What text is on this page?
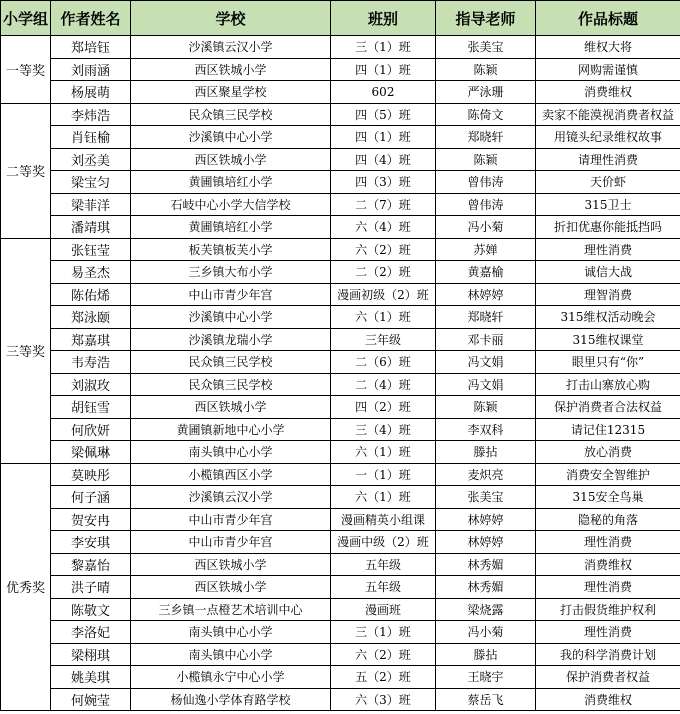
小学组	作者姓名	学校	班别	指导老师	作品标题
一等奖	郑培钰	沙溪镇云汉小学	三（1）班	张美宝	维权大将
	刘雨涵	西区铁城小学	四（1）班	陈颖	网购需谨慎
	杨展萌	西区聚星学校	602	严泳珊	消费维权
二等奖	李炜浩	民众镇三民学校	四（5）班	陈倚文	卖家不能漠视消费者权益
	肖钰榆	沙溪镇中心小学	四（1）班	郑晓轩	用镜头纪录维权故事
	刘丞美	西区铁城小学	四（4）班	陈颖	请理性消费
	梁宝匀	黄圃镇培红小学	四（3）班	曾伟涛	天价虾
	梁菲洋	石岐中心小学大信学校	二（7）班	曾伟涛	315卫士
	潘靖琪	黄圃镇培红小学	六（4）班	冯小菊	折扣优惠你能抵挡吗
三等奖	张钰莹	板芙镇板芙小学	六（2）班	苏婵	理性消费
	易圣杰	三乡镇大布小学	二（2）班	黄嘉榆	诚信大战
	陈佑烯	中山市青少年宫	漫画初级（2）班	林婷婷	理智消费
	郑泳颐	沙溪镇中心小学	六（1）班	郑晓轩	315维权活动晚会
	郑嘉琪	沙溪镇龙瑞小学	三年级	邓卡丽	315维权课堂
	韦寿浩	民众镇三民学校	二（6）班	冯文娟	眼里只有“你”
	刘淑玫	民众镇三民学校	二（4）班	冯文娟	打击山寨放心购
	胡钰雪	西区铁城小学	四（2）班	陈颖	保护消费者合法权益
	何欣妍	黄圃镇新地中心小学	三（4）班	李双科	请记住12315
	梁佩琳	南头镇中心小学	六（1）班	滕拈	放心消费
优秀奖	莫映彤	小榄镇西区小学	一（1）班	麦炽亮	消费安全智维护
	何子涵	沙溪镇云汉小学	六（1）班	张美宝	315安全鸟巢
	贺安冉	中山市青少年宫	漫画精英小组课	林婷婷	隐秘的角落
	李安琪	中山市青少年宫	漫画中级（2）班	林婷婷	理性消费
	黎嘉怡	西区铁城小学	五年级	林秀媚	消费维权
	洪子晴	西区铁城小学	五年级	林秀媚	理性消费
	陈敬文	三乡镇一点橙艺术培训中心	漫画班	梁烧露	打击假货维护权利
	李洛妃	南头镇中心小学	三（1）班	冯小菊	理性消费
	梁栩琪	南头镇中心小学	六（2）班	滕拈	我的科学消费计划
	姚美琪	小榄镇永宁中心小学	五（2）班	王晓宇	保护消费者权益
	何婉莹	杨仙逸小学体育路学校	六（3）班	蔡岳飞	消费维权
